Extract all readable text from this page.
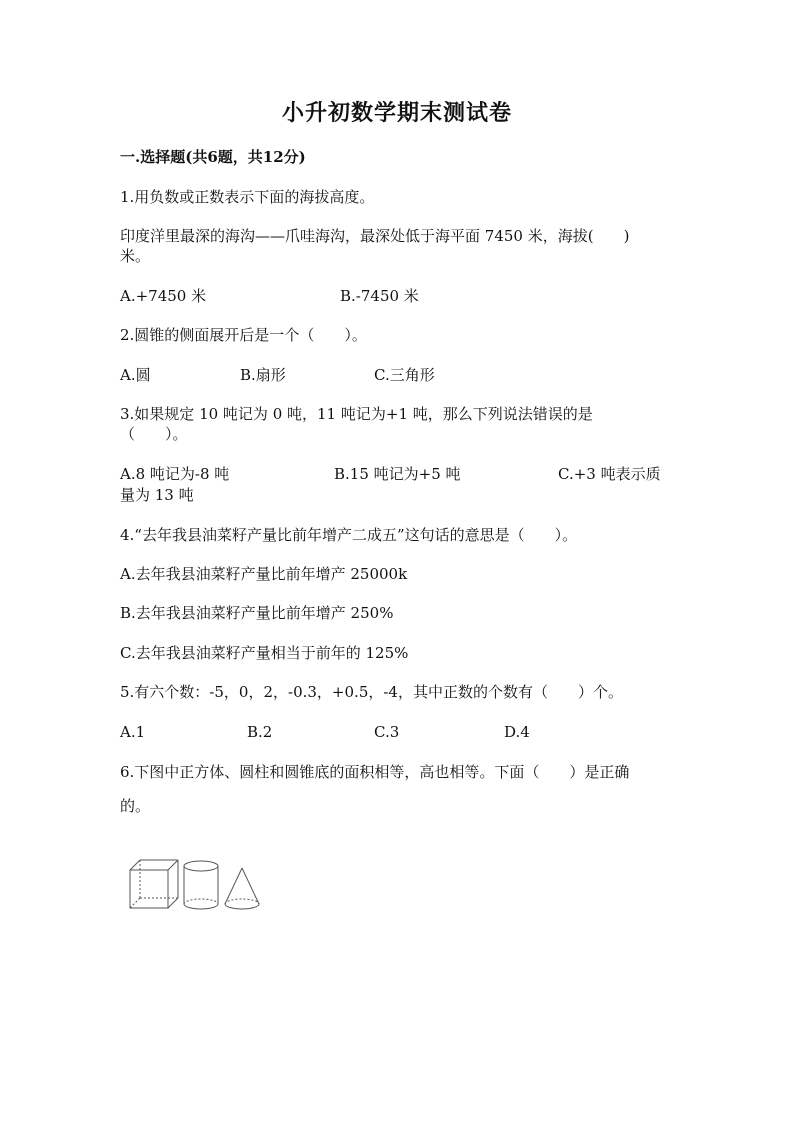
小升初数学期末测试卷
一.选择题(共6题，共12分)
1.用负数或正数表示下面的海拔高度。
印度洋里最深的海沟——爪哇海沟，最深处低于海平面 7450 米，海拔(　　)
米。
A.+7450 米	B.-7450 米
2.圆锥的侧面展开后是一个（　　）。
A.圆	B.扇形	C.三角形
3.如果规定 10 吨记为 0 吨，11 吨记为+1 吨，那么下列说法错误的是
（　　）。
A.8 吨记为-8 吨	B.15 吨记为+5 吨	C.+3 吨表示质
量为 13 吨
4.“去年我县油菜籽产量比前年增产二成五”这句话的意思是（　　）。
A.去年我县油菜籽产量比前年增产 25000k
B.去年我县油菜籽产量比前年增产 250%
C.去年我县油菜籽产量相当于前年的 125%
5.有六个数：-5，0，2，-0.3，+0.5，-4，其中正数的个数有（　　）个。
A.1	B.2	C.3	D.4
6.下图中正方体、圆柱和圆锥底的面积相等，高也相等。下面（　　）是正确
的。
